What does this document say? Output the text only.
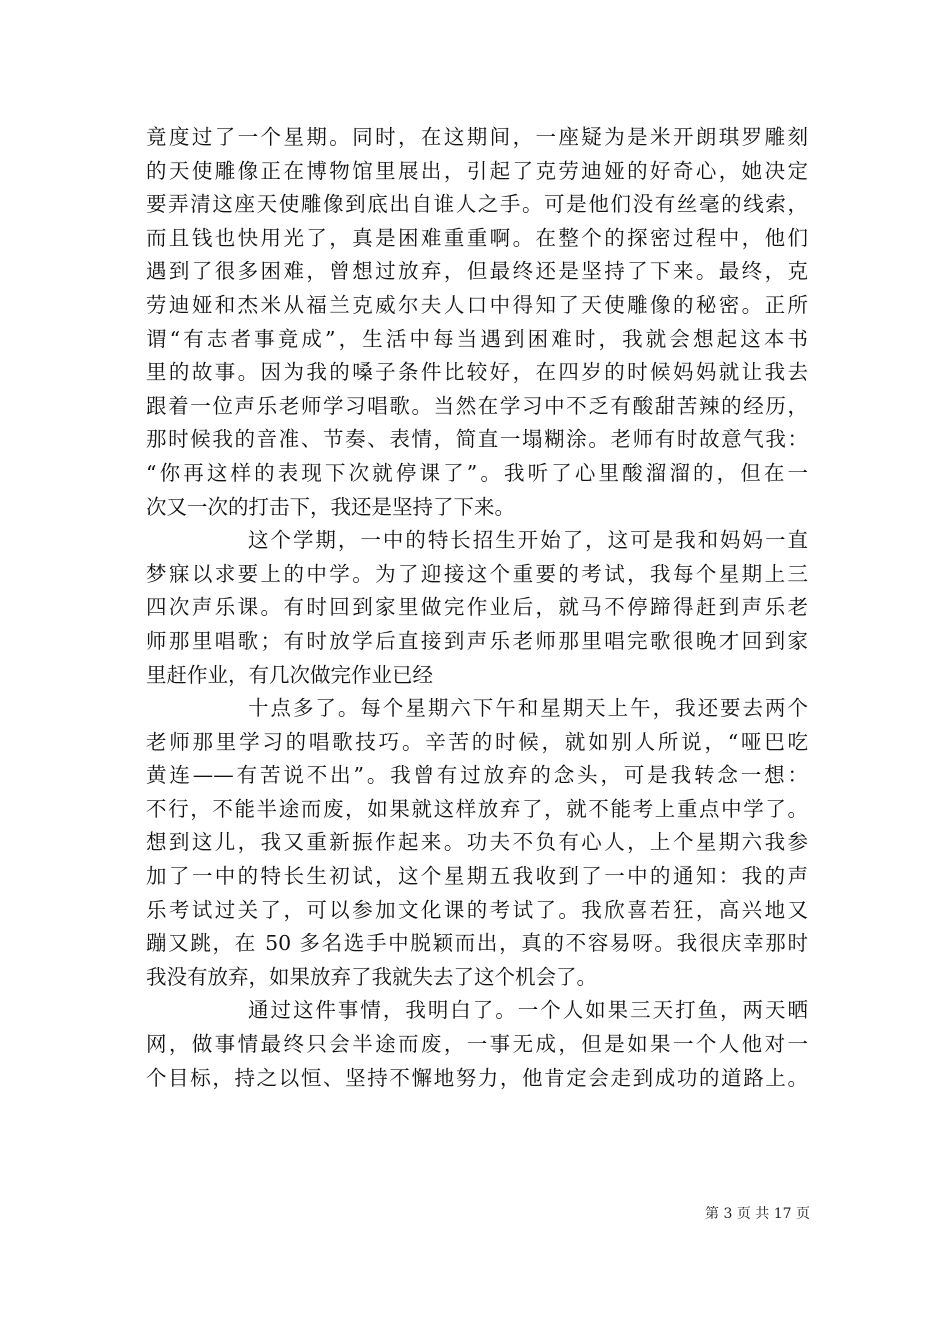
竟度过了一个星期。同时，在这期间，一座疑为是米开朗琪罗雕刻
的天使雕像正在博物馆里展出，引起了克劳迪娅的好奇心，她决定
要弄清这座天使雕像到底出自谁人之手。可是他们没有丝毫的线索，
而且钱也快用光了，真是困难重重啊。在整个的探密过程中，他们
遇到了很多困难，曾想过放弃，但最终还是坚持了下来。最终，克
劳迪娅和杰米从福兰克威尔夫人口中得知了天使雕像的秘密。正所
谓“有志者事竟成”，生活中每当遇到困难时，我就会想起这本书
里的故事。因为我的嗓子条件比较好，在四岁的时候妈妈就让我去
跟着一位声乐老师学习唱歌。当然在学习中不乏有酸甜苦辣的经历，
那时候我的音准、节奏、表情，简直一塌糊涂。老师有时故意气我：
“你再这样的表现下次就停课了”。我听了心里酸溜溜的，但在一
次又一次的打击下，我还是坚持了下来。
这个学期，一中的特长招生开始了，这可是我和妈妈一直
梦寐以求要上的中学。为了迎接这个重要的考试，我每个星期上三
四次声乐课。有时回到家里做完作业后，就马不停蹄得赶到声乐老
师那里唱歌；有时放学后直接到声乐老师那里唱完歌很晚才回到家
里赶作业，有几次做完作业已经
十点多了。每个星期六下午和星期天上午，我还要去两个
老师那里学习的唱歌技巧。辛苦的时候，就如别人所说，“哑巴吃
黄连——有苦说不出”。我曾有过放弃的念头，可是我转念一想：
不行，不能半途而废，如果就这样放弃了，就不能考上重点中学了。
想到这儿，我又重新振作起来。功夫不负有心人，上个星期六我参
加了一中的特长生初试，这个星期五我收到了一中的通知：我的声
乐考试过关了，可以参加文化课的考试了。我欣喜若狂，高兴地又
蹦又跳，在 50 多名选手中脱颖而出，真的不容易呀。我很庆幸那时
我没有放弃，如果放弃了我就失去了这个机会了。
通过这件事情，我明白了。一个人如果三天打鱼，两天晒
网，做事情最终只会半途而废，一事无成，但是如果一个人他对一
个目标，持之以恒、坚持不懈地努力，他肯定会走到成功的道路上。
第 3 页 共 17 页
